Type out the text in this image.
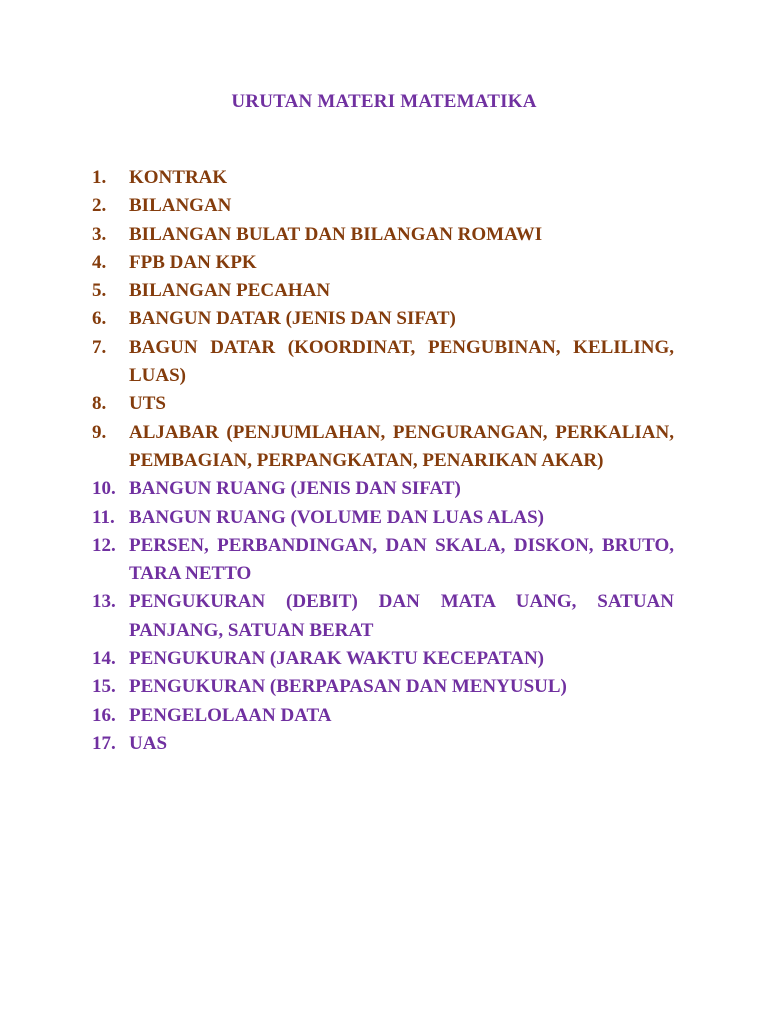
URUTAN MATERI MATEMATIKA
1.	KONTRAK
2.	BILANGAN
3.	BILANGAN BULAT DAN BILANGAN ROMAWI
4.	FPB DAN KPK
5.	BILANGAN PECAHAN
6.	BANGUN DATAR (JENIS DAN SIFAT)
7.	BAGUN DATAR (KOORDINAT, PENGUBINAN, KELILING, LUAS)
8.	UTS
9.	ALJABAR (PENJUMLAHAN, PENGURANGAN, PERKALIAN, PEMBAGIAN, PERPANGKATAN, PENARIKAN AKAR)
10. BANGUN RUANG (JENIS DAN SIFAT)
11. BANGUN RUANG (VOLUME DAN LUAS ALAS)
12. PERSEN, PERBANDINGAN, DAN SKALA, DISKON, BRUTO, TARA NETTO
13. PENGUKURAN (DEBIT) DAN MATA UANG, SATUAN PANJANG, SATUAN BERAT
14. PENGUKURAN (JARAK WAKTU KECEPATAN)
15. PENGUKURAN (BERPAPASAN DAN MENYUSUL)
16. PENGELOLAAN DATA
17. UAS
